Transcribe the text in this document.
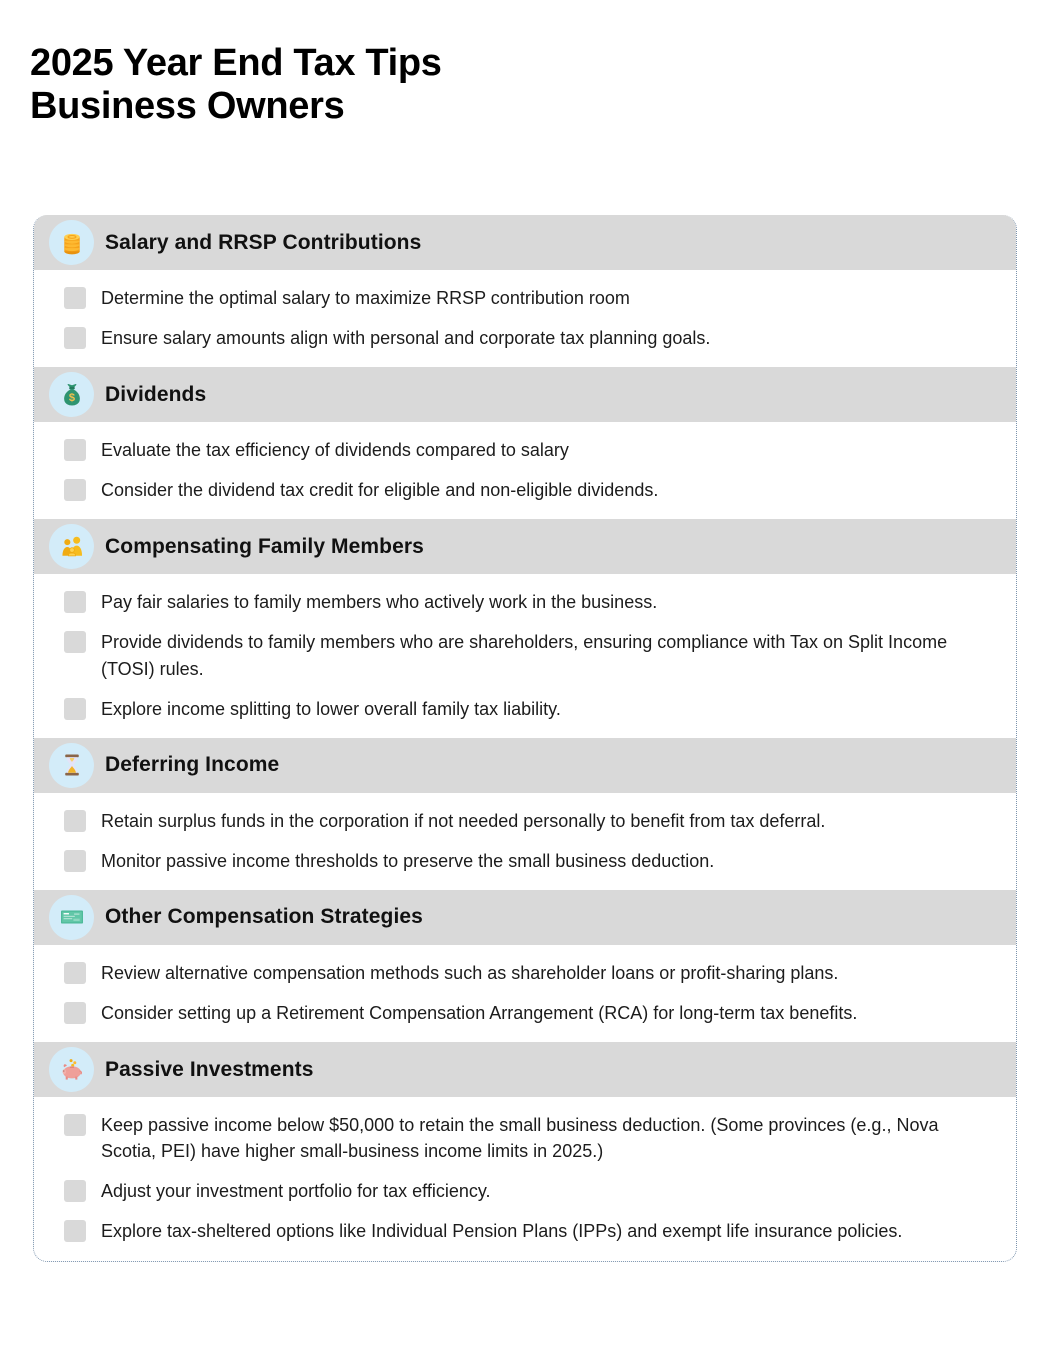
2025 Year End Tax Tips
Business Owners
Salary and RRSP Contributions
Determine the optimal salary to maximize RRSP contribution room
Ensure salary amounts align with personal and corporate tax planning goals.
$ Dividends
Evaluate the tax efficiency of dividends compared to salary
Consider the dividend tax credit for eligible and non-eligible dividends.
Compensating Family Members
Pay fair salaries to family members who actively work in the business.
Provide dividends to family members who are shareholders, ensuring compliance with Tax on Split Income (TOSI) rules.
Explore income splitting to lower overall family tax liability.
Deferring Income
Retain surplus funds in the corporation if not needed personally to benefit from tax deferral.
Monitor passive income thresholds to preserve the small business deduction.
Other Compensation Strategies
Review alternative compensation methods such as shareholder loans or profit-sharing plans.
Consider setting up a Retirement Compensation Arrangement (RCA) for long-term tax benefits.
Passive Investments
Keep passive income below $50,000 to retain the small business deduction. (Some provinces (e.g., Nova Scotia, PEI) have higher small-business income limits in 2025.)
Adjust your investment portfolio for tax efficiency.
Explore tax-sheltered options like Individual Pension Plans (IPPs) and exempt life insurance policies.
